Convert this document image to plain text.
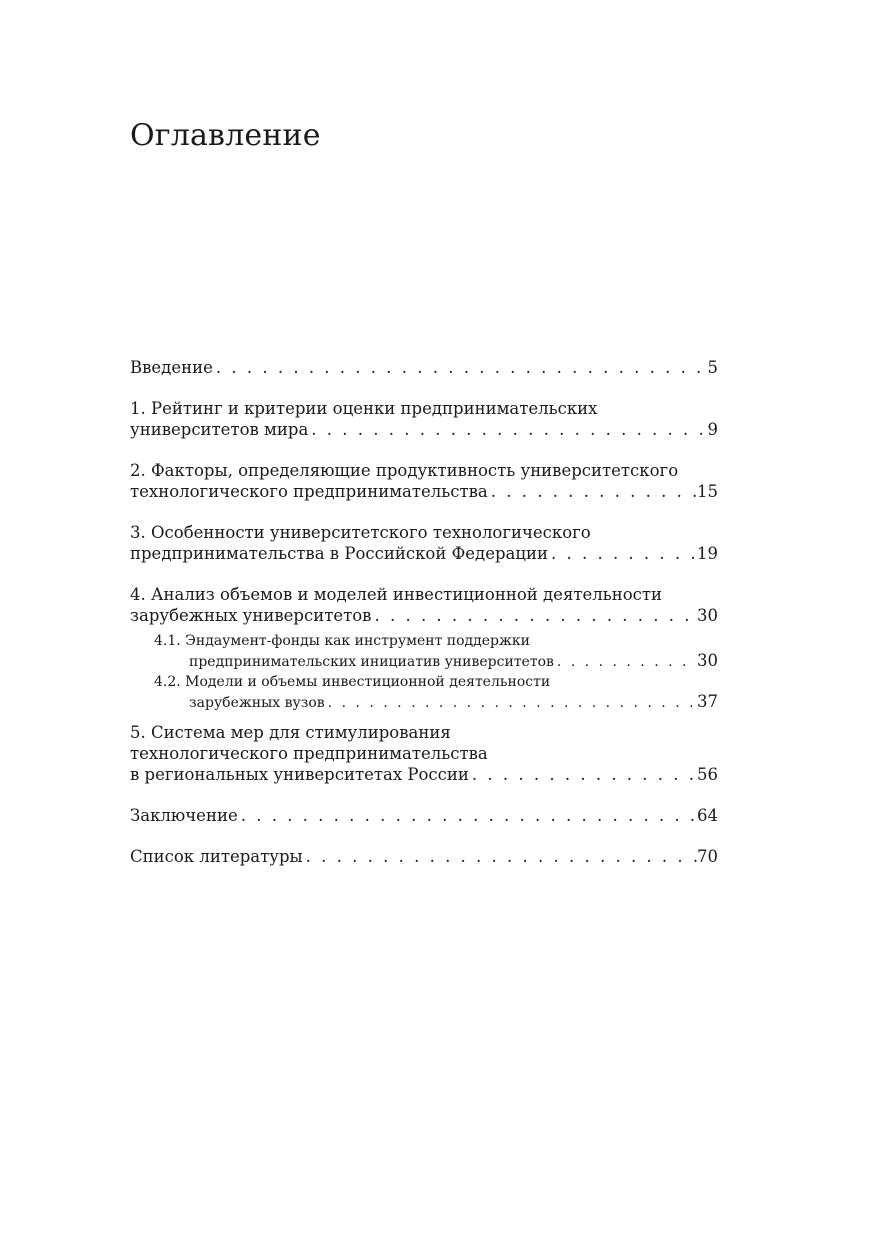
Оглавление
Введение . . .	5
1. Рейтинг и критерии оценки предпринимательских
университетов мира . . .	9
2. Факторы, определяющие продуктивность университетского
технологического предпринимательства . . .	15
3. Особенности университетского технологического
предпринимательства в Российской Федерации . . .	19
4. Анализ объемов и моделей инвестиционной деятельности
зарубежных университетов . . .	30
4.1. Эндаумент-фонды как инструмент поддержки
предпринимательских инициатив университетов . . .	30
4.2. Модели и объемы инвестиционной деятельности
зарубежных вузов . . .	37
5. Система мер для стимулирования
технологического предпринимательства
в региональных университетах России . . .	56
Заключение . . .	64
Список литературы . . .	70
